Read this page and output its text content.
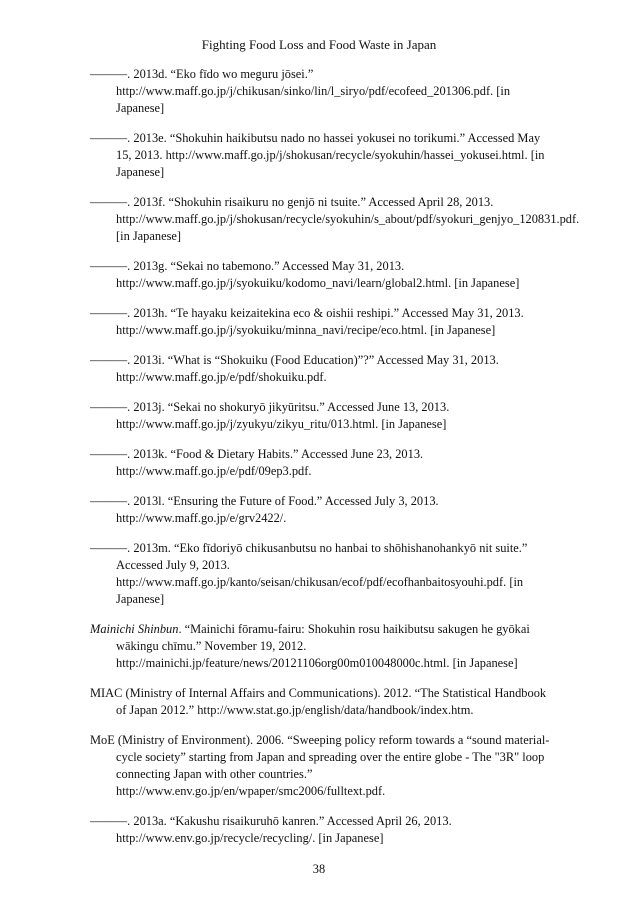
Fighting Food Loss and Food Waste in Japan

———. 2013d. “Eko fīdo wo meguru jōsei.” http://www.maff.go.jp/j/chikusan/sinko/lin/l_siryo/pdf/ecofeed_201306.pdf. [in Japanese]

———. 2013e. “Shokuhin haikibutsu nado no hassei yokusei no torikumi.” Accessed May 15, 2013. http://www.maff.go.jp/j/shokusan/recycle/syokuhin/hassei_yokusei.html. [in Japanese]

———. 2013f. “Shokuhin risaikuru no genjō ni tsuite.” Accessed April 28, 2013. http://www.maff.go.jp/j/shokusan/recycle/syokuhin/s_about/pdf/syokuri_genjyo_120831.pdf. [in Japanese]

———. 2013g. “Sekai no tabemono.” Accessed May 31, 2013. http://www.maff.go.jp/j/syokuiku/kodomo_navi/learn/global2.html. [in Japanese]

———. 2013h. “Te hayaku keizaitekina eco & oishii reshipi.” Accessed May 31, 2013. http://www.maff.go.jp/j/syokuiku/minna_navi/recipe/eco.html. [in Japanese]

———. 2013i. “What is “Shokuiku (Food Education)”?” Accessed May 31, 2013. http://www.maff.go.jp/e/pdf/shokuiku.pdf.

———. 2013j. “Sekai no shokuryō jikyūritsu.” Accessed June 13, 2013. http://www.maff.go.jp/j/zyukyu/zikyu_ritu/013.html. [in Japanese]

———. 2013k. “Food & Dietary Habits.” Accessed June 23, 2013. http://www.maff.go.jp/e/pdf/09ep3.pdf.

———. 2013l. “Ensuring the Future of Food.” Accessed July 3, 2013. http://www.maff.go.jp/e/grv2422/.

———. 2013m. “Eko fīdoriyō chikusanbutsu no hanbai to shōhishanohankyō nit suite.” Accessed July 9, 2013. http://www.maff.go.jp/kanto/seisan/chikusan/ecof/pdf/ecofhanbaitosyouhi.pdf. [in Japanese]

Mainichi Shinbun. “Mainichi fōramu-fairu: Shokuhin rosu haikibutsu sakugen he gyōkai wākingu chīmu.” November 19, 2012. http://mainichi.jp/feature/news/20121106org00m010048000c.html. [in Japanese]

MIAC (Ministry of Internal Affairs and Communications). 2012. “The Statistical Handbook of Japan 2012.” http://www.stat.go.jp/english/data/handbook/index.htm.

MoE (Ministry of Environment). 2006. “Sweeping policy reform towards a “sound material-cycle society” starting from Japan and spreading over the entire globe - The "3R" loop connecting Japan with other countries.” http://www.env.go.jp/en/wpaper/smc2006/fulltext.pdf.

———. 2013a. “Kakushu risaikuruhō kanren.” Accessed April 26, 2013. http://www.env.go.jp/recycle/recycling/. [in Japanese]

38
